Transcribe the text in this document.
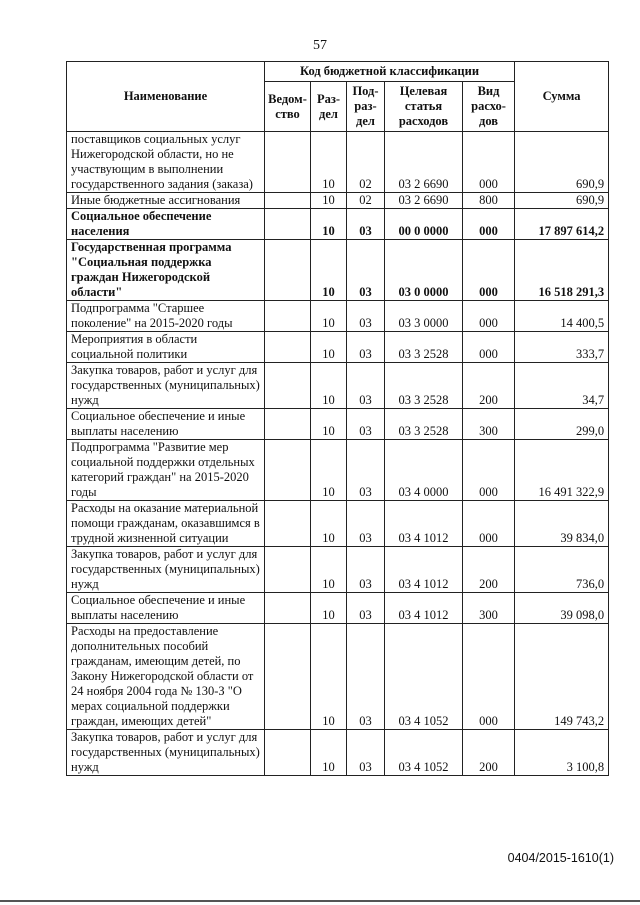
57
Наименование	Код бюджетной классификации					Сумма
	Ведом-ство	Раз-дел	Под-раз-дел	Целевая статья расходов	Вид расхо-дов	
поставщиков социальных услуг Нижегородской области, но не участвующим в выполнении государственного задания (заказа)		10	02	03 2 6690	000	690,9
Иные бюджетные ассигнования		10	02	03 2 6690	800	690,9
Социальное обеспечение населения		10	03	00 0 0000	000	17 897 614,2
Государственная программа "Социальная поддержка граждан Нижегородской области"		10	03	03 0 0000	000	16 518 291,3
Подпрограмма "Старшее поколение" на 2015-2020 годы		10	03	03 3 0000	000	14 400,5
Мероприятия в области социальной политики		10	03	03 3 2528	000	333,7
Закупка товаров, работ и услуг для государственных (муниципальных) нужд		10	03	03 3 2528	200	34,7
Социальное обеспечение и иные выплаты населению		10	03	03 3 2528	300	299,0
Подпрограмма "Развитие мер социальной поддержки отдельных категорий граждан" на 2015-2020 годы		10	03	03 4 0000	000	16 491 322,9
Расходы на оказание материальной помощи гражданам, оказавшимся в трудной жизненной ситуации		10	03	03 4 1012	000	39 834,0
Закупка товаров, работ и услуг для государственных (муниципальных) нужд		10	03	03 4 1012	200	736,0
Социальное обеспечение и иные выплаты населению		10	03	03 4 1012	300	39 098,0
Расходы на предоставление дополнительных пособий гражданам, имеющим детей, по Закону Нижегородской области от 24 ноября 2004 года № 130-З "О мерах социальной поддержки граждан, имеющих детей"		10	03	03 4 1052	000	149 743,2
Закупка товаров, работ и услуг для государственных (муниципальных) нужд		10	03	03 4 1052	200	3 100,8
0404/2015-1610(1)
